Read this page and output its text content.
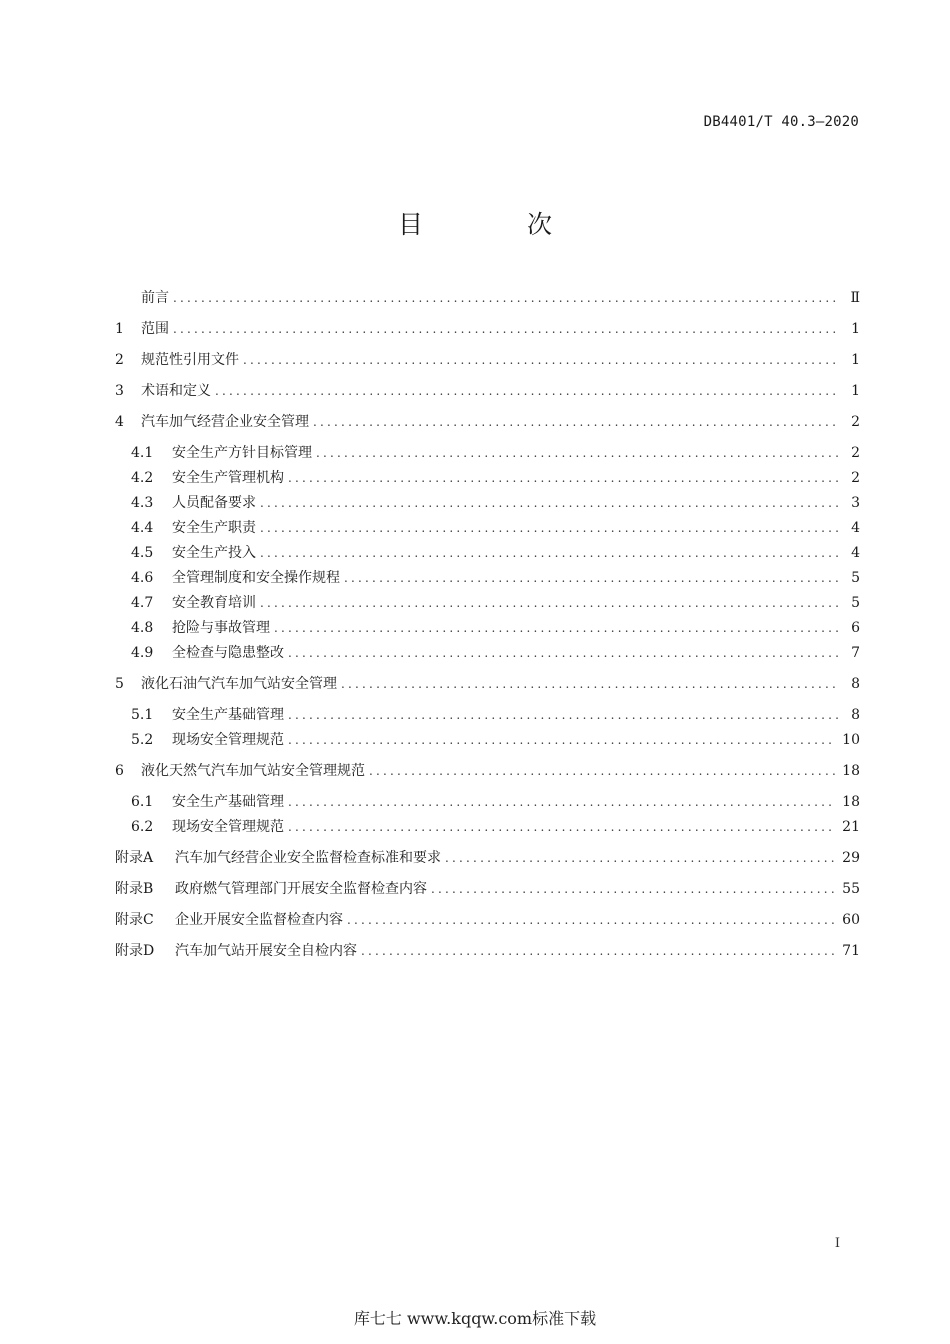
DB4401/T 40.3—2020
目 次
前言 .....	Ⅱ
1	范围 .....	1
2	规范性引用文件 .....	1
3	术语和定义 .....	1
4	汽车加气经营企业安全管理 .....	2
4.1	安全生产方针目标管理 .....	2
4.2	安全生产管理机构 .....	2
4.3	人员配备要求 .....	3
4.4	安全生产职责 .....	4
4.5	安全生产投入 .....	4
4.6	全管理制度和安全操作规程 .....	5
4.7	安全教育培训 .....	5
4.8	抢险与事故管理 .....	6
4.9	全检查与隐患整改 .....	7
5	液化石油气汽车加气站安全管理 .....	8
5.1	安全生产基础管理 .....	8
5.2	现场安全管理规范 .....	10
6	液化天然气汽车加气站安全管理规范 .....	18
6.1	安全生产基础管理 .....	18
6.2	现场安全管理规范 .....	21
附录A	汽车加气经营企业安全监督检查标准和要求 .....	29
附录B	政府燃气管理部门开展安全监督检查内容 .....	55
附录C	企业开展安全监督检查内容 .....	60
附录D	汽车加气站开展安全自检内容 .....	71
I
库七七 www.kqqw.com标准下载
